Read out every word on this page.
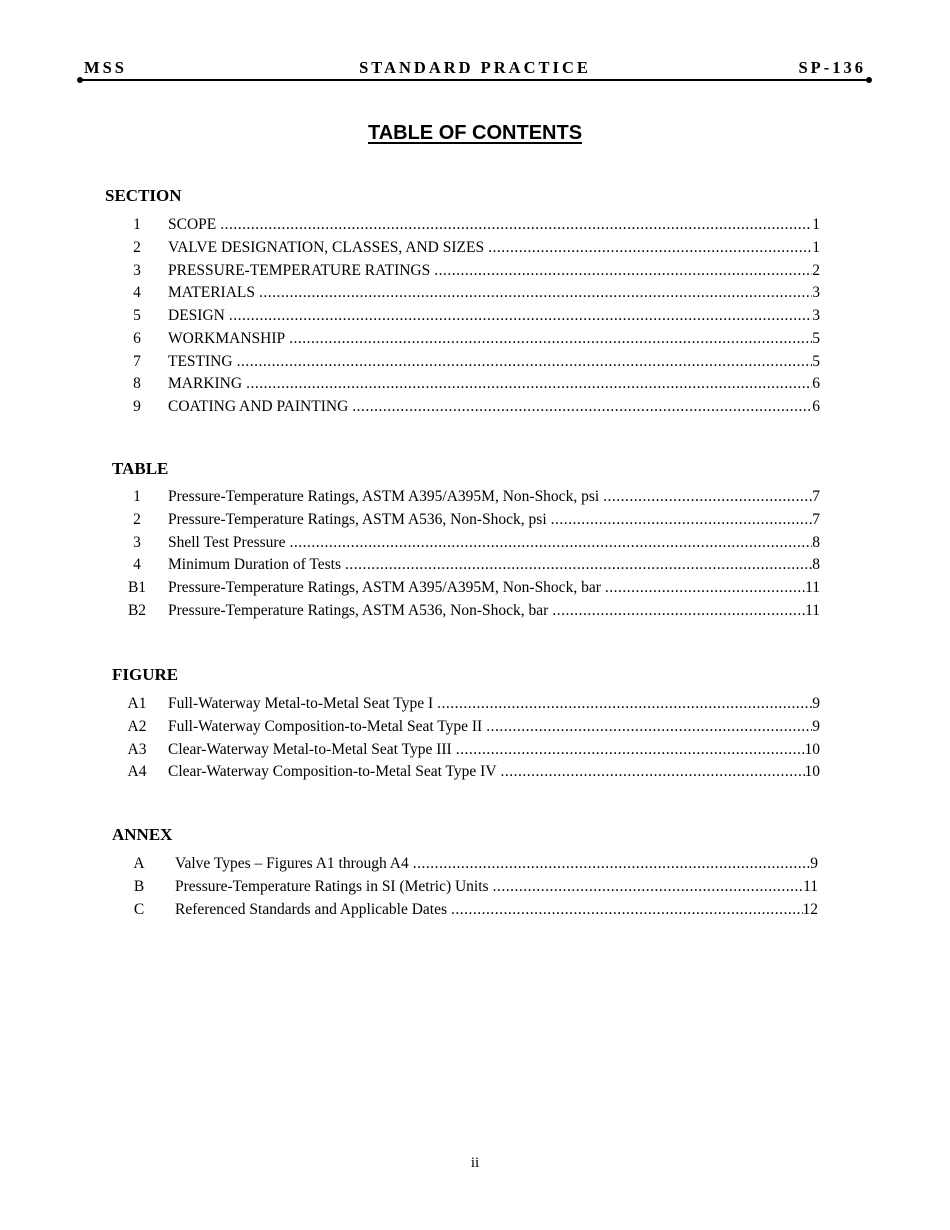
MSS	STANDARD PRACTICE	SP-136
TABLE OF CONTENTS
SECTION
1	SCOPE .....	1
2	VALVE DESIGNATION, CLASSES, AND SIZES .....	1
3	PRESSURE-TEMPERATURE RATINGS .....	2
4	MATERIALS .....	3
5	DESIGN .....	3
6	WORKMANSHIP .....	5
7	TESTING .....	5
8	MARKING .....	6
9	COATING AND PAINTING .....	6
TABLE
1	Pressure-Temperature Ratings, ASTM A395/A395M, Non-Shock, psi .....	7
2	Pressure-Temperature Ratings, ASTM A536, Non-Shock, psi .....	7
3	Shell Test Pressure .....	8
4	Minimum Duration of Tests .....	8
B1	Pressure-Temperature Ratings, ASTM A395/A395M, Non-Shock, bar .....	11
B2	Pressure-Temperature Ratings, ASTM A536, Non-Shock, bar .....	11
FIGURE
A1	Full-Waterway Metal-to-Metal Seat Type I .....	9
A2	Full-Waterway Composition-to-Metal Seat Type II .....	9
A3	Clear-Waterway Metal-to-Metal Seat Type III .....	10
A4	Clear-Waterway Composition-to-Metal Seat Type IV .....	10
ANNEX
A	Valve Types – Figures A1 through A4 .....	9
B	Pressure-Temperature Ratings in SI (Metric) Units .....	11
C	Referenced Standards and Applicable Dates .....	12
ii
